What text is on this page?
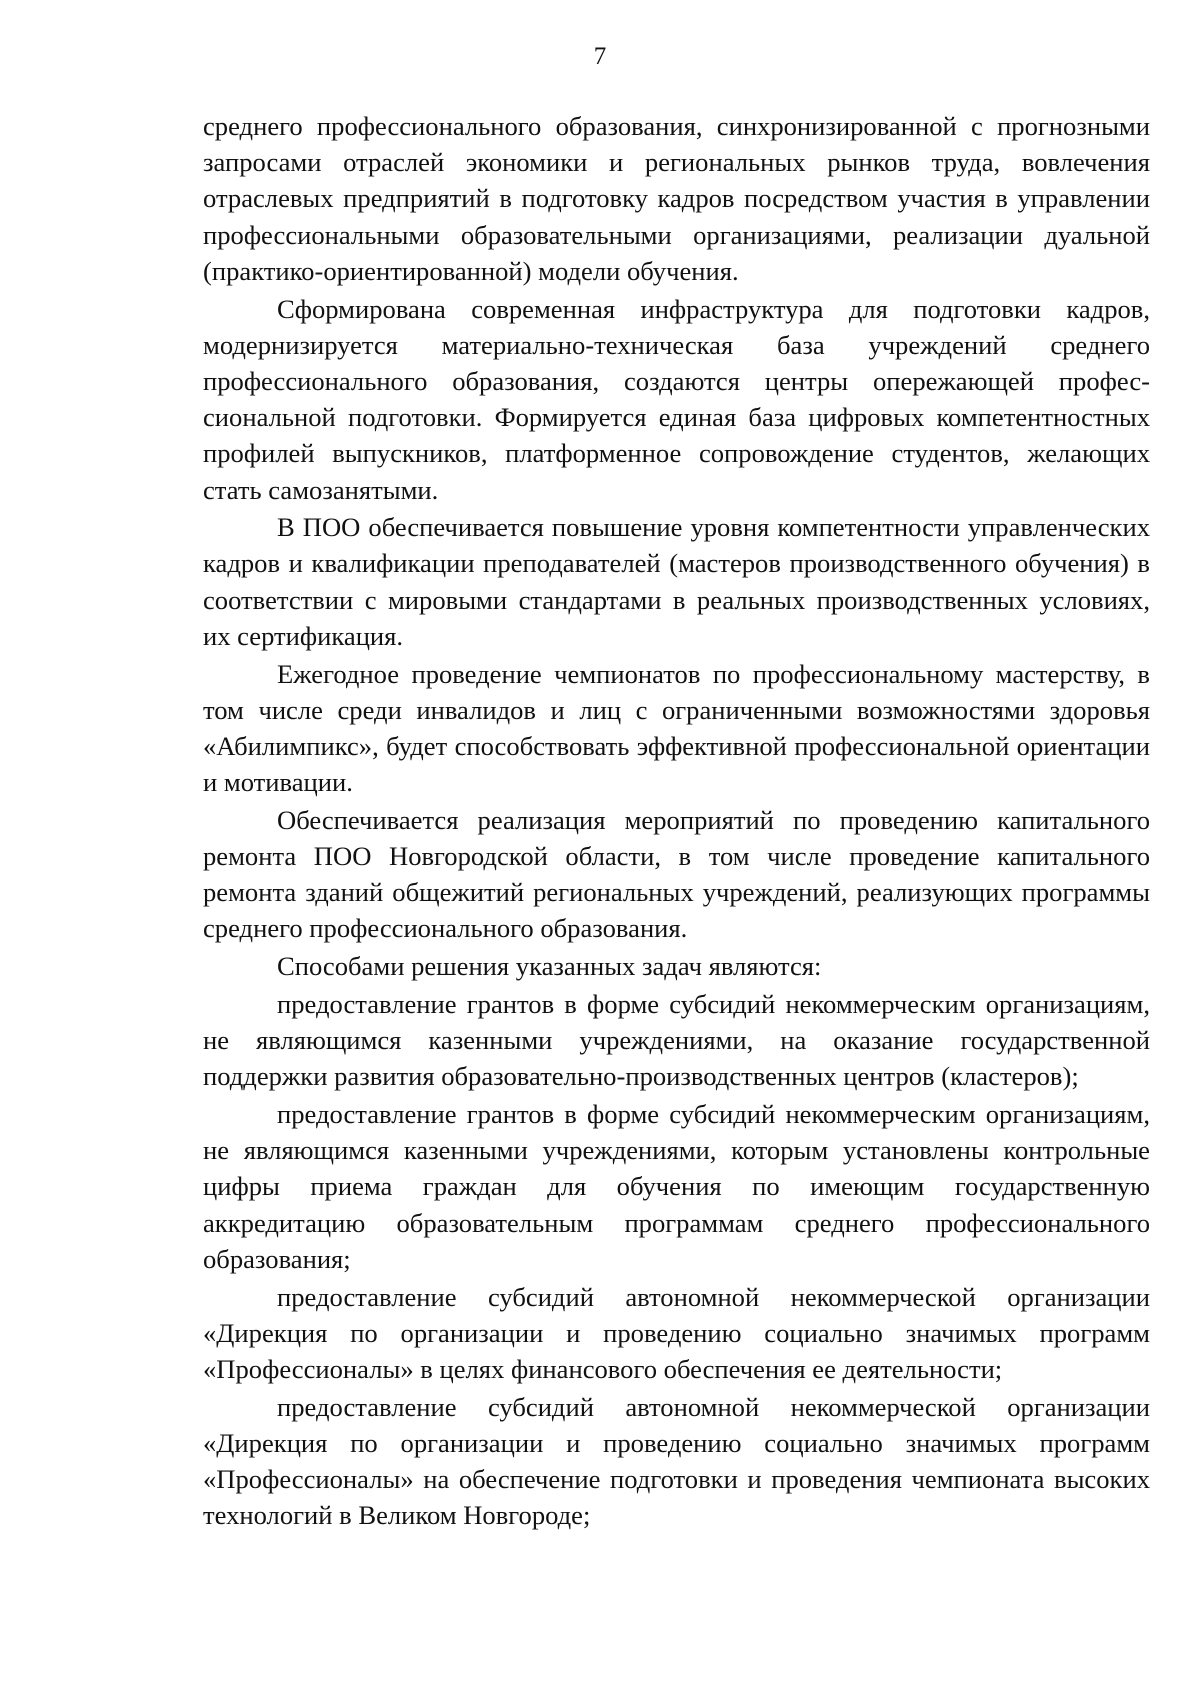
7

среднего профессионального образования, синхронизированной с прогнозными запросами отраслей экономики и региональных рынков труда, вовлечения отраслевых предприятий в подготовку кадров посредством участия в управлении профессиональными образовательными организациями, реализации дуальной (практико-ориентированной) модели обучения.

Сформирована современная инфраструктура для подготовки кадров, модернизируется материально-техническая база учреждений среднего профессионального образования, создаются центры опережающей профессиональной подготовки. Формируется единая база цифровых компетентностных профилей выпускников, платформенное сопровождение студентов, желающих стать самозанятыми.

В ПОО обеспечивается повышение уровня компетентности управленческих кадров и квалификации преподавателей (мастеров производственного обучения) в соответствии с мировыми стандартами в реальных производственных условиях, их сертификация.

Ежегодное проведение чемпионатов по профессиональному мастерству, в том числе среди инвалидов и лиц с ограниченными возможностями здоровья «Абилимпикс», будет способствовать эффективной профессиональной ориентации и мотивации.

Обеспечивается реализация мероприятий по проведению капитального ремонта ПОО Новгородской области, в том числе проведение капитального ремонта зданий общежитий региональных учреждений, реализующих программы среднего профессионального образования.

Способами решения указанных задач являются:

предоставление грантов в форме субсидий некоммерческим организациям, не являющимся казенными учреждениями, на оказание государственной поддержки развития образовательно-производственных центров (кластеров);

предоставление грантов в форме субсидий некоммерческим организациям, не являющимся казенными учреждениями, которым установлены контрольные цифры приема граждан для обучения по имеющим государственную аккредитацию образовательным программам среднего профессионального образования;

предоставление субсидий автономной некоммерческой организации «Дирекция по организации и проведению социально значимых программ «Профессионалы» в целях финансового обеспечения ее деятельности;

предоставление субсидий автономной некоммерческой организации «Дирекция по организации и проведению социально значимых программ «Профессионалы» на обеспечение подготовки и проведения чемпионата высоких технологий в Великом Новгороде;
